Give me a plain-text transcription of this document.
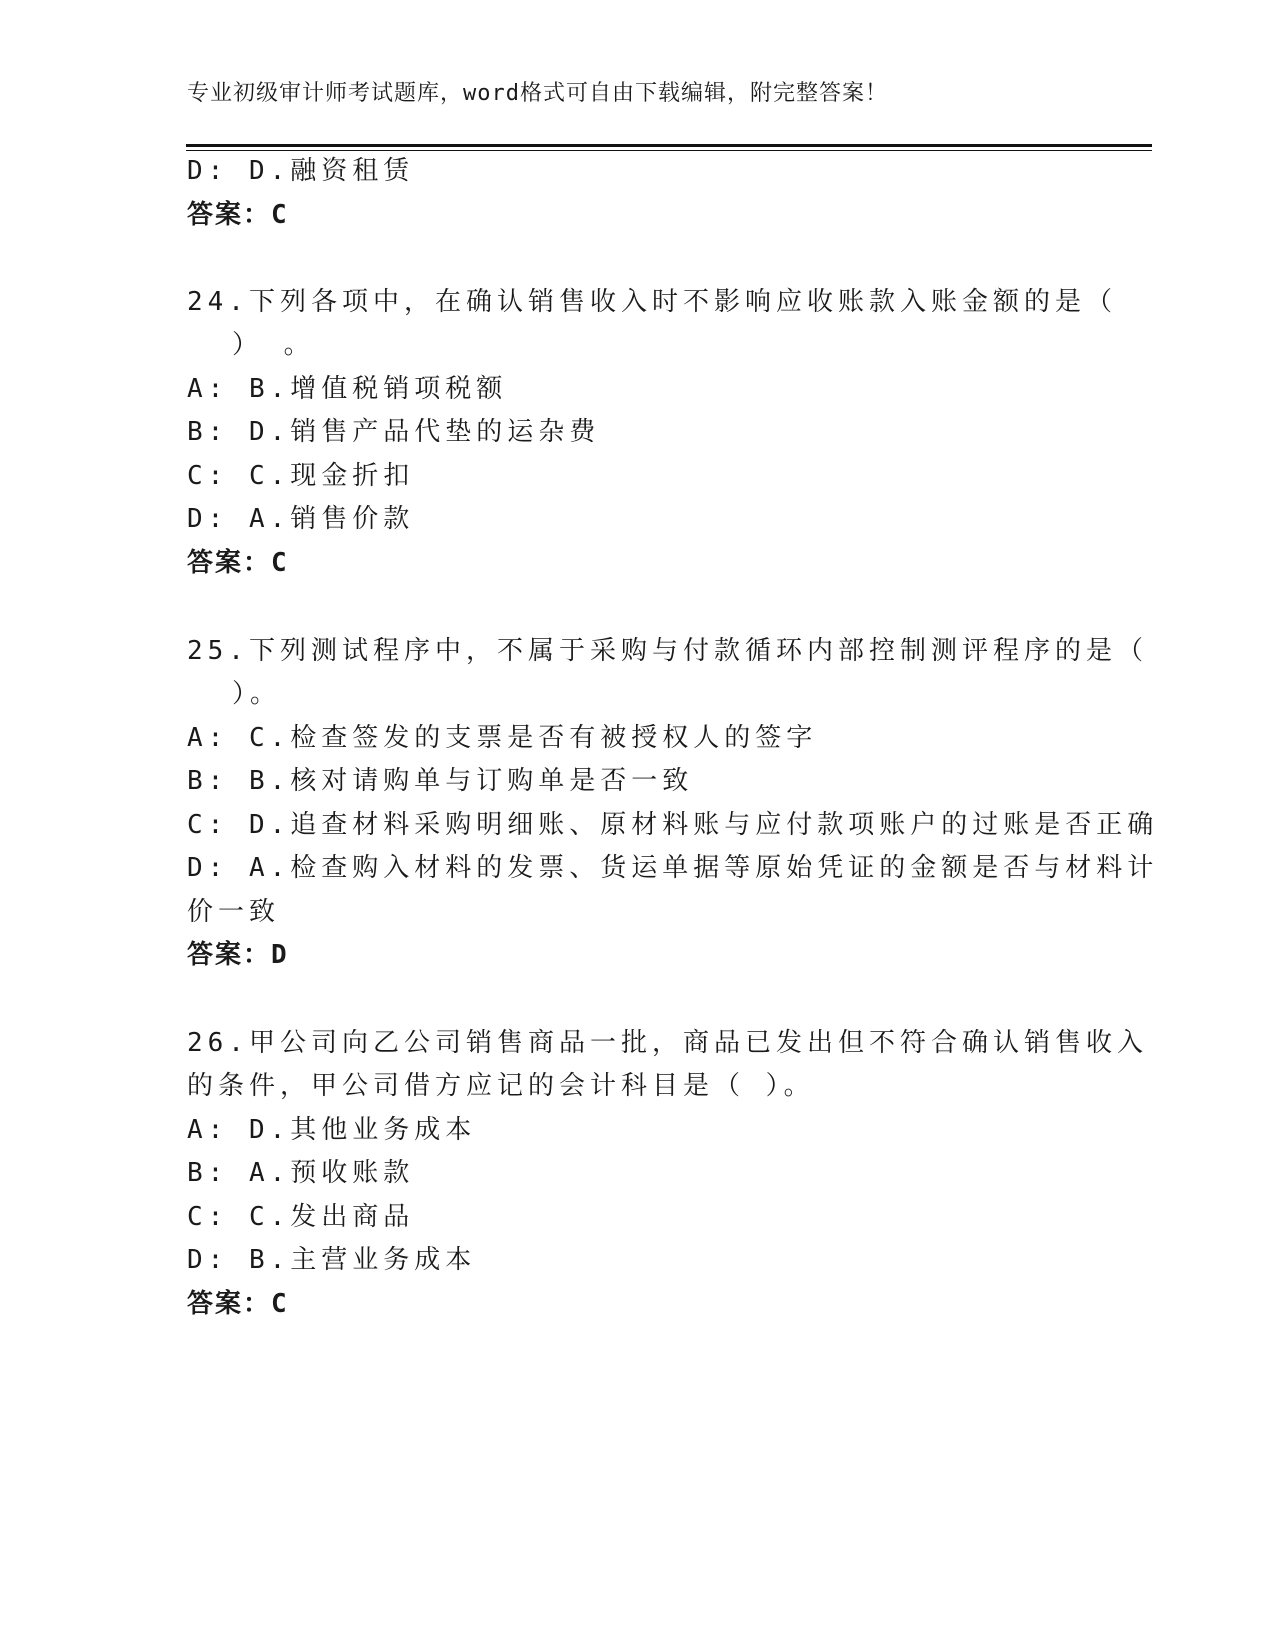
专业初级审计师考试题库，word格式可自由下载编辑，附完整答案！
D: D.融资租赁
答案：C
24.下列各项中，在确认销售收入时不影响应收账款入账金额的是（
） 。
A: B.增值税销项税额
B: D.销售产品代垫的运杂费
C: C.现金折扣
D: A.销售价款
答案：C
25.下列测试程序中，不属于采购与付款循环内部控制测评程序的是（
）。
A: C.检查签发的支票是否有被授权人的签字
B: B.核对请购单与订购单是否一致
C: D.追查材料采购明细账、原材料账与应付款项账户的过账是否正确
D: A.检查购入材料的发票、货运单据等原始凭证的金额是否与材料计
价一致
答案：D
26.甲公司向乙公司销售商品一批，商品已发出但不符合确认销售收入
的条件，甲公司借方应记的会计科目是（ ）。
A: D.其他业务成本
B: A.预收账款
C: C.发出商品
D: B.主营业务成本
答案：C
